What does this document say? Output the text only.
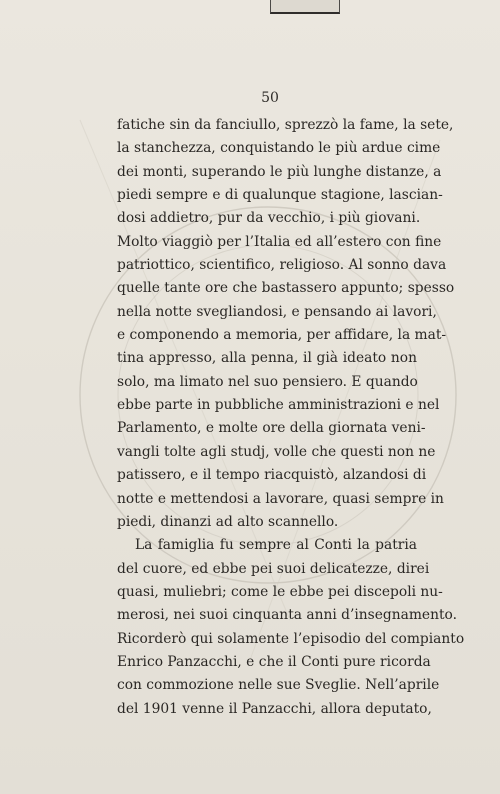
50
fatiche sin da fanciullo, sprezzò la fame, la sete,
la stanchezza, conquistando le più ardue cime
dei monti, superando le più lunghe distanze, a
piedi sempre e di qualunque stagione, lascian-
dosi addietro, pur da vecchio, i più giovani.
Molto viaggiò per l’Italia ed all’estero con fine
patriottico, scientifico, religioso. Al sonno dava
quelle tante ore che bastassero appunto; spesso
nella notte svegliandosi, e pensando ai lavori,
e componendo a memoria, per affidare, la mat-
tina appresso, alla penna, il già ideato non
solo, ma limato nel suo pensiero. E quando
ebbe parte in pubbliche amministrazioni e nel
Parlamento, e molte ore della giornata veni-
vangli tolte agli studj, volle che questi non ne
patissero, e il tempo riacquistò, alzandosi di
notte e mettendosi a lavorare, quasi sempre in
piedi, dinanzi ad alto scannello.
La famiglia fu sempre al Conti la patria
del cuore, ed ebbe pei suoi delicatezze, direi
quasi, muliebri; come le ebbe pei discepoli nu-
merosi, nei suoi cinquanta anni d’insegnamento.
Ricorderò qui solamente l’episodio del compianto
Enrico Panzacchi, e che il Conti pure ricorda
con commozione nelle sue Sveglie. Nell’aprile
del 1901 venne il Panzacchi, allora deputato,
